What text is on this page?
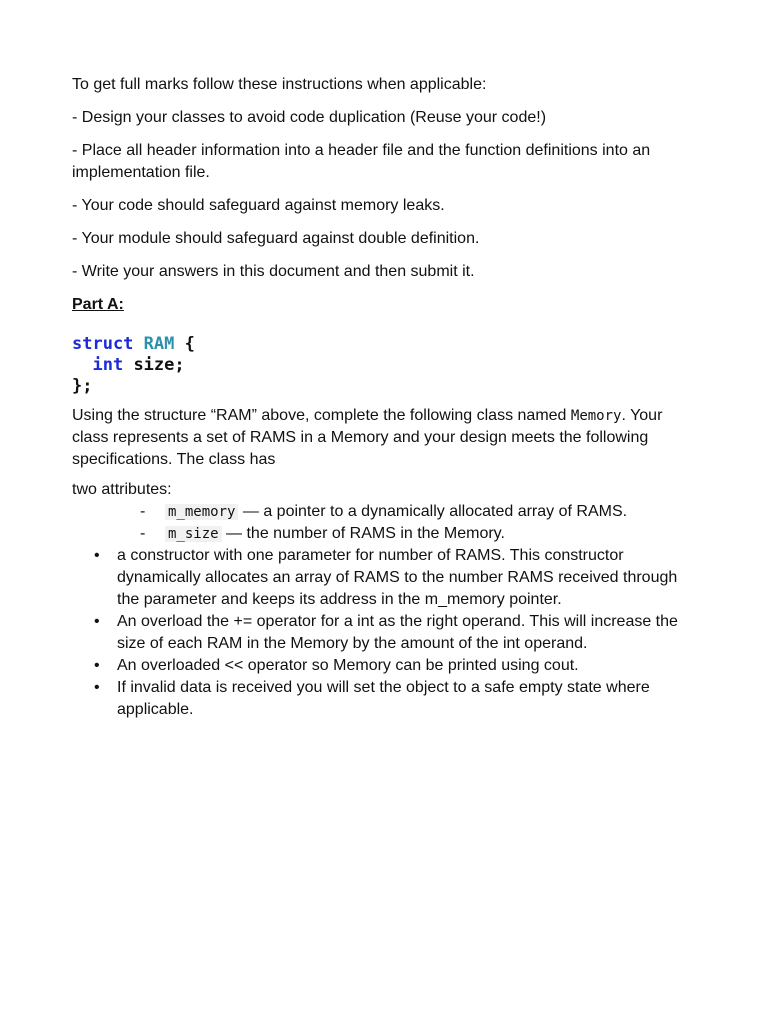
To get full marks follow these instructions when applicable:

- Design your classes to avoid code duplication (Reuse your code!)

- Place all header information into a header file and the function definitions into an implementation file.

- Your code should safeguard against memory leaks.

- Your module should safeguard against double definition.

- Write your answers in this document and then submit it.

Part A:

struct RAM {
int size;
};

Using the structure “RAM” above, complete the following class named Memory. Your class represents a set of RAMS in a Memory and your design meets the following specifications. The class has

two attributes:

- m_memory — a pointer to a dynamically allocated array of RAMS.
- m_size — the number of RAMS in the Memory.
• a constructor with one parameter for number of RAMS. This constructor dynamically allocates an array of RAMS to the number RAMS received through the parameter and keeps its address in the m_memory pointer.
• An overload the += operator for a int as the right operand. This will increase the size of each RAM in the Memory by the amount of the int operand.
• An overloaded << operator so Memory can be printed using cout.
• If invalid data is received you will set the object to a safe empty state where applicable.
